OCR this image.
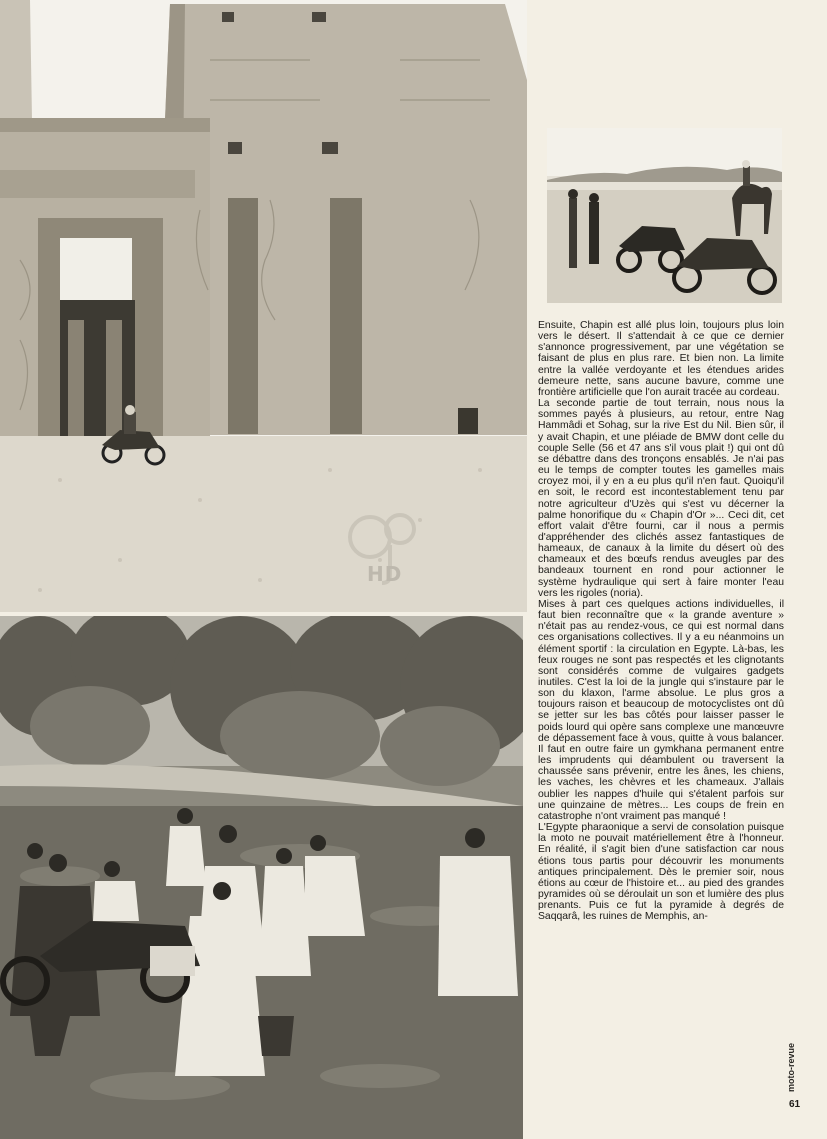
HD

Ensuite, Chapin est allé plus loin, toujours plus loin vers le désert. Il s'attendait à ce que ce dernier s'annonce progressivement, par une végétation se faisant de plus en plus rare. Et bien non. La limite entre la vallée verdoyante et les étendues arides demeure nette, sans aucune bavure, comme une frontière artificielle que l'on aurait tracée au cordeau.

La seconde partie de tout terrain, nous nous la sommes payés à plusieurs, au retour, entre Nag Hammâdi et Sohag, sur la rive Est du Nil. Bien sûr, il y avait Chapin, et une pléiade de BMW dont celle du couple Selle (56 et 47 ans s'il vous plait !) qui ont dû se débattre dans des tronçons ensablés. Je n'ai pas eu le temps de compter toutes les gamelles mais croyez moi, il y en a eu plus qu'il n'en faut. Quoiqu'il en soit, le record est incontestablement tenu par notre agriculteur d'Uzès qui s'est vu décerner la palme honorifique du « Chapin d'Or »... Ceci dit, cet effort valait d'être fourni, car il nous a permis d'appréhender des clichés assez fantastiques de hameaux, de canaux à la limite du désert où des chameaux et des bœufs rendus aveugles par des bandeaux tournent en rond pour actionner le système hydraulique qui sert à faire monter l'eau vers les rigoles (noria).

Mises à part ces quelques actions individuelles, il faut bien reconnaître que « la grande aventure » n'était pas au rendez-vous, ce qui est normal dans ces organisations collectives. Il y a eu néanmoins un élément sportif : la circulation en Egypte. Là-bas, les feux rouges ne sont pas respectés et les clignotants sont considérés comme de vulgaires gadgets inutiles. C'est la loi de la jungle qui s'instaure par le son du klaxon, l'arme absolue. Le plus gros a toujours raison et beaucoup de motocyclistes ont dû se jetter sur les bas côtés pour laisser passer le poids lourd qui opère sans complexe une manœuvre de dépassement face à vous, quitte à vous balancer. Il faut en outre faire un gymkhana permanent entre les imprudents qui déambulent ou traversent la chaussée sans prévenir, entre les ânes, les chiens, les vaches, les chèvres et les chameaux. J'allais oublier les nappes d'huile qui s'étalent parfois sur une quinzaine de mètres... Les coups de frein en catastrophe n'ont vraiment pas manqué !

L'Egypte pharaonique a servi de consolation puisque la moto ne pouvait matériellement être à l'honneur. En réalité, il s'agit bien d'une satisfaction car nous étions tous partis pour découvrir les monuments antiques principalement. Dès le premier soir, nous étions au cœur de l'histoire et... au pied des grandes pyramides où se déroulait un son et lumière des plus prenants. Puis ce fut la pyramide à degrés de Saqqarâ, les ruines de Memphis, an-

moto-revue
61
